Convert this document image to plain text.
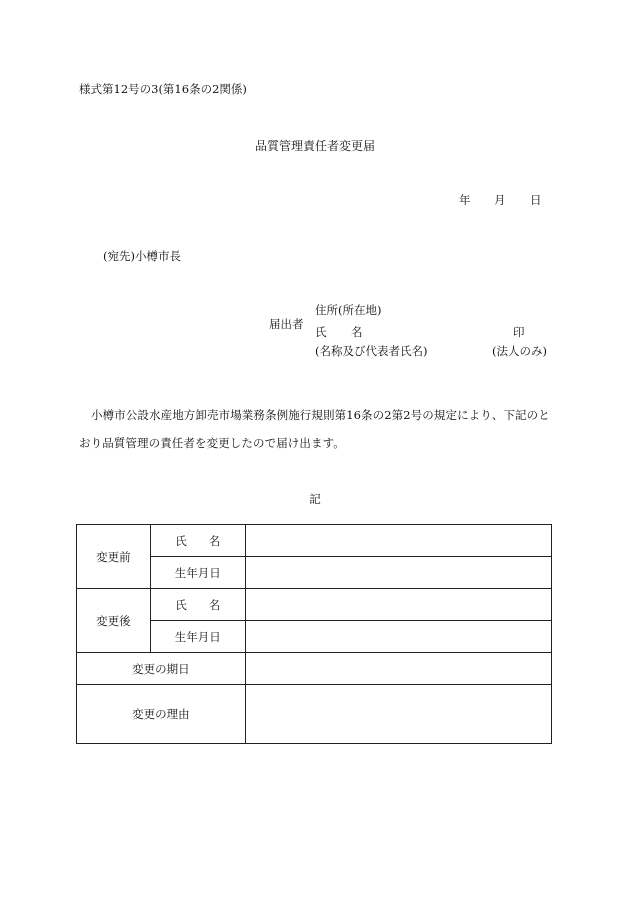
様式第12号の3(第16条の2関係)
品質管理責任者変更届
年 月 日
(宛先)小樽市長
届出者
住所(所在地)
氏 名	印
(名称及び代表者氏名)	(法人のみ)
小樽市公設水産地方卸売市場業務条例施行規則第16条の2第2号の規定により、下記のとおり品質管理の責任者を変更したので届け出ます。
記
変更前	氏 名	
	生年月日	
変更後	氏 名	
	生年月日	
変更の期日		
変更の理由		
